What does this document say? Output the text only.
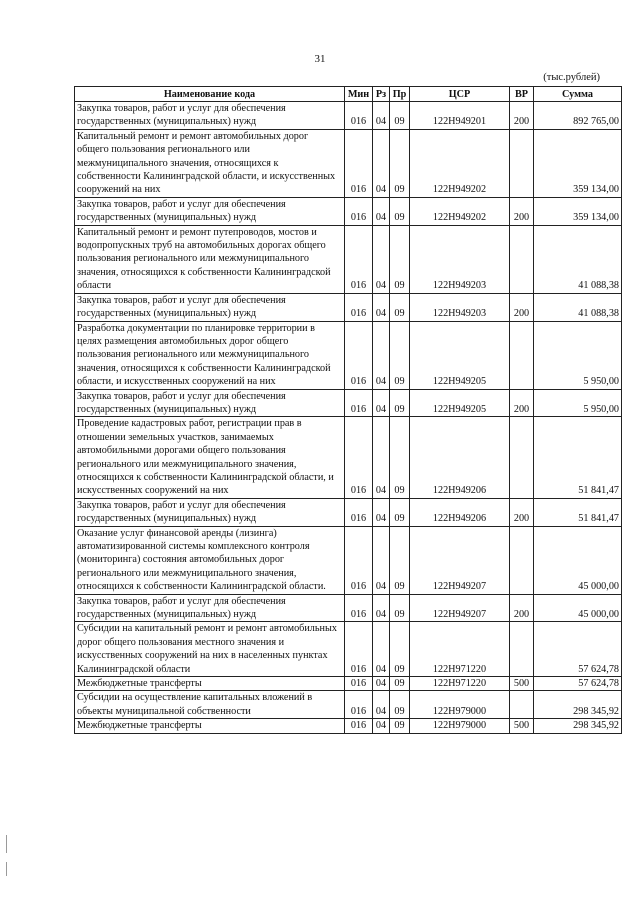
31
(тыс.рублей)
Наименование кода	Мин	Рз	Пр	ЦСР	ВР	Сумма
Закупка товаров, работ и услуг для обеспечения государственных (муниципальных) нужд	016	04	09	122Н949201	200	892 765,00
Капитальный ремонт и ремонт автомобильных дорог общего пользования регионального или межмуниципального значения, относящихся к собственности Калининградской области, и искусственных сооружений на них	016	04	09	122Н949202		359 134,00
Закупка товаров, работ и услуг для обеспечения государственных (муниципальных) нужд	016	04	09	122Н949202	200	359 134,00
Капитальный ремонт и ремонт путепроводов, мостов и водопропускных труб на автомобильных дорогах общего пользования регионального или межмуниципального значения, относящихся к собственности Калининградской области	016	04	09	122Н949203		41 088,38
Закупка товаров, работ и услуг для обеспечения государственных (муниципальных) нужд	016	04	09	122Н949203	200	41 088,38
Разработка документации по планировке территории в целях размещения автомобильных дорог общего пользования регионального или межмуниципального значения, относящихся к собственности Калининградской области, и искусственных сооружений на них	016	04	09	122Н949205		5 950,00
Закупка товаров, работ и услуг для обеспечения государственных (муниципальных) нужд	016	04	09	122Н949205	200	5 950,00
Проведение кадастровых работ, регистрации прав в отношении земельных участков, занимаемых автомобильными дорогами общего пользования регионального или межмуниципального значения, относящихся к собственности Калининградской области, и искусственных сооружений на них	016	04	09	122Н949206		51 841,47
Закупка товаров, работ и услуг для обеспечения государственных (муниципальных) нужд	016	04	09	122Н949206	200	51 841,47
Оказание услуг финансовой аренды (лизинга) автоматизированной системы комплексного контроля (мониторинга) состояния автомобильных дорог регионального или межмуниципального значения, относящихся к собственности Калининградской области.	016	04	09	122Н949207		45 000,00
Закупка товаров, работ и услуг для обеспечения государственных (муниципальных) нужд	016	04	09	122Н949207	200	45 000,00
Субсидии на капитальный ремонт и ремонт автомобильных дорог общего пользования местного значения и искусственных сооружений на них в населенных пунктах Калининградской области	016	04	09	122Н971220		57 624,78
Межбюджетные трансферты	016	04	09	122Н971220	500	57 624,78
Субсидии на осуществление капитальных вложений в объекты муниципальной собственности	016	04	09	122Н979000		298 345,92
Межбюджетные трансферты	016	04	09	122Н979000	500	298 345,92
